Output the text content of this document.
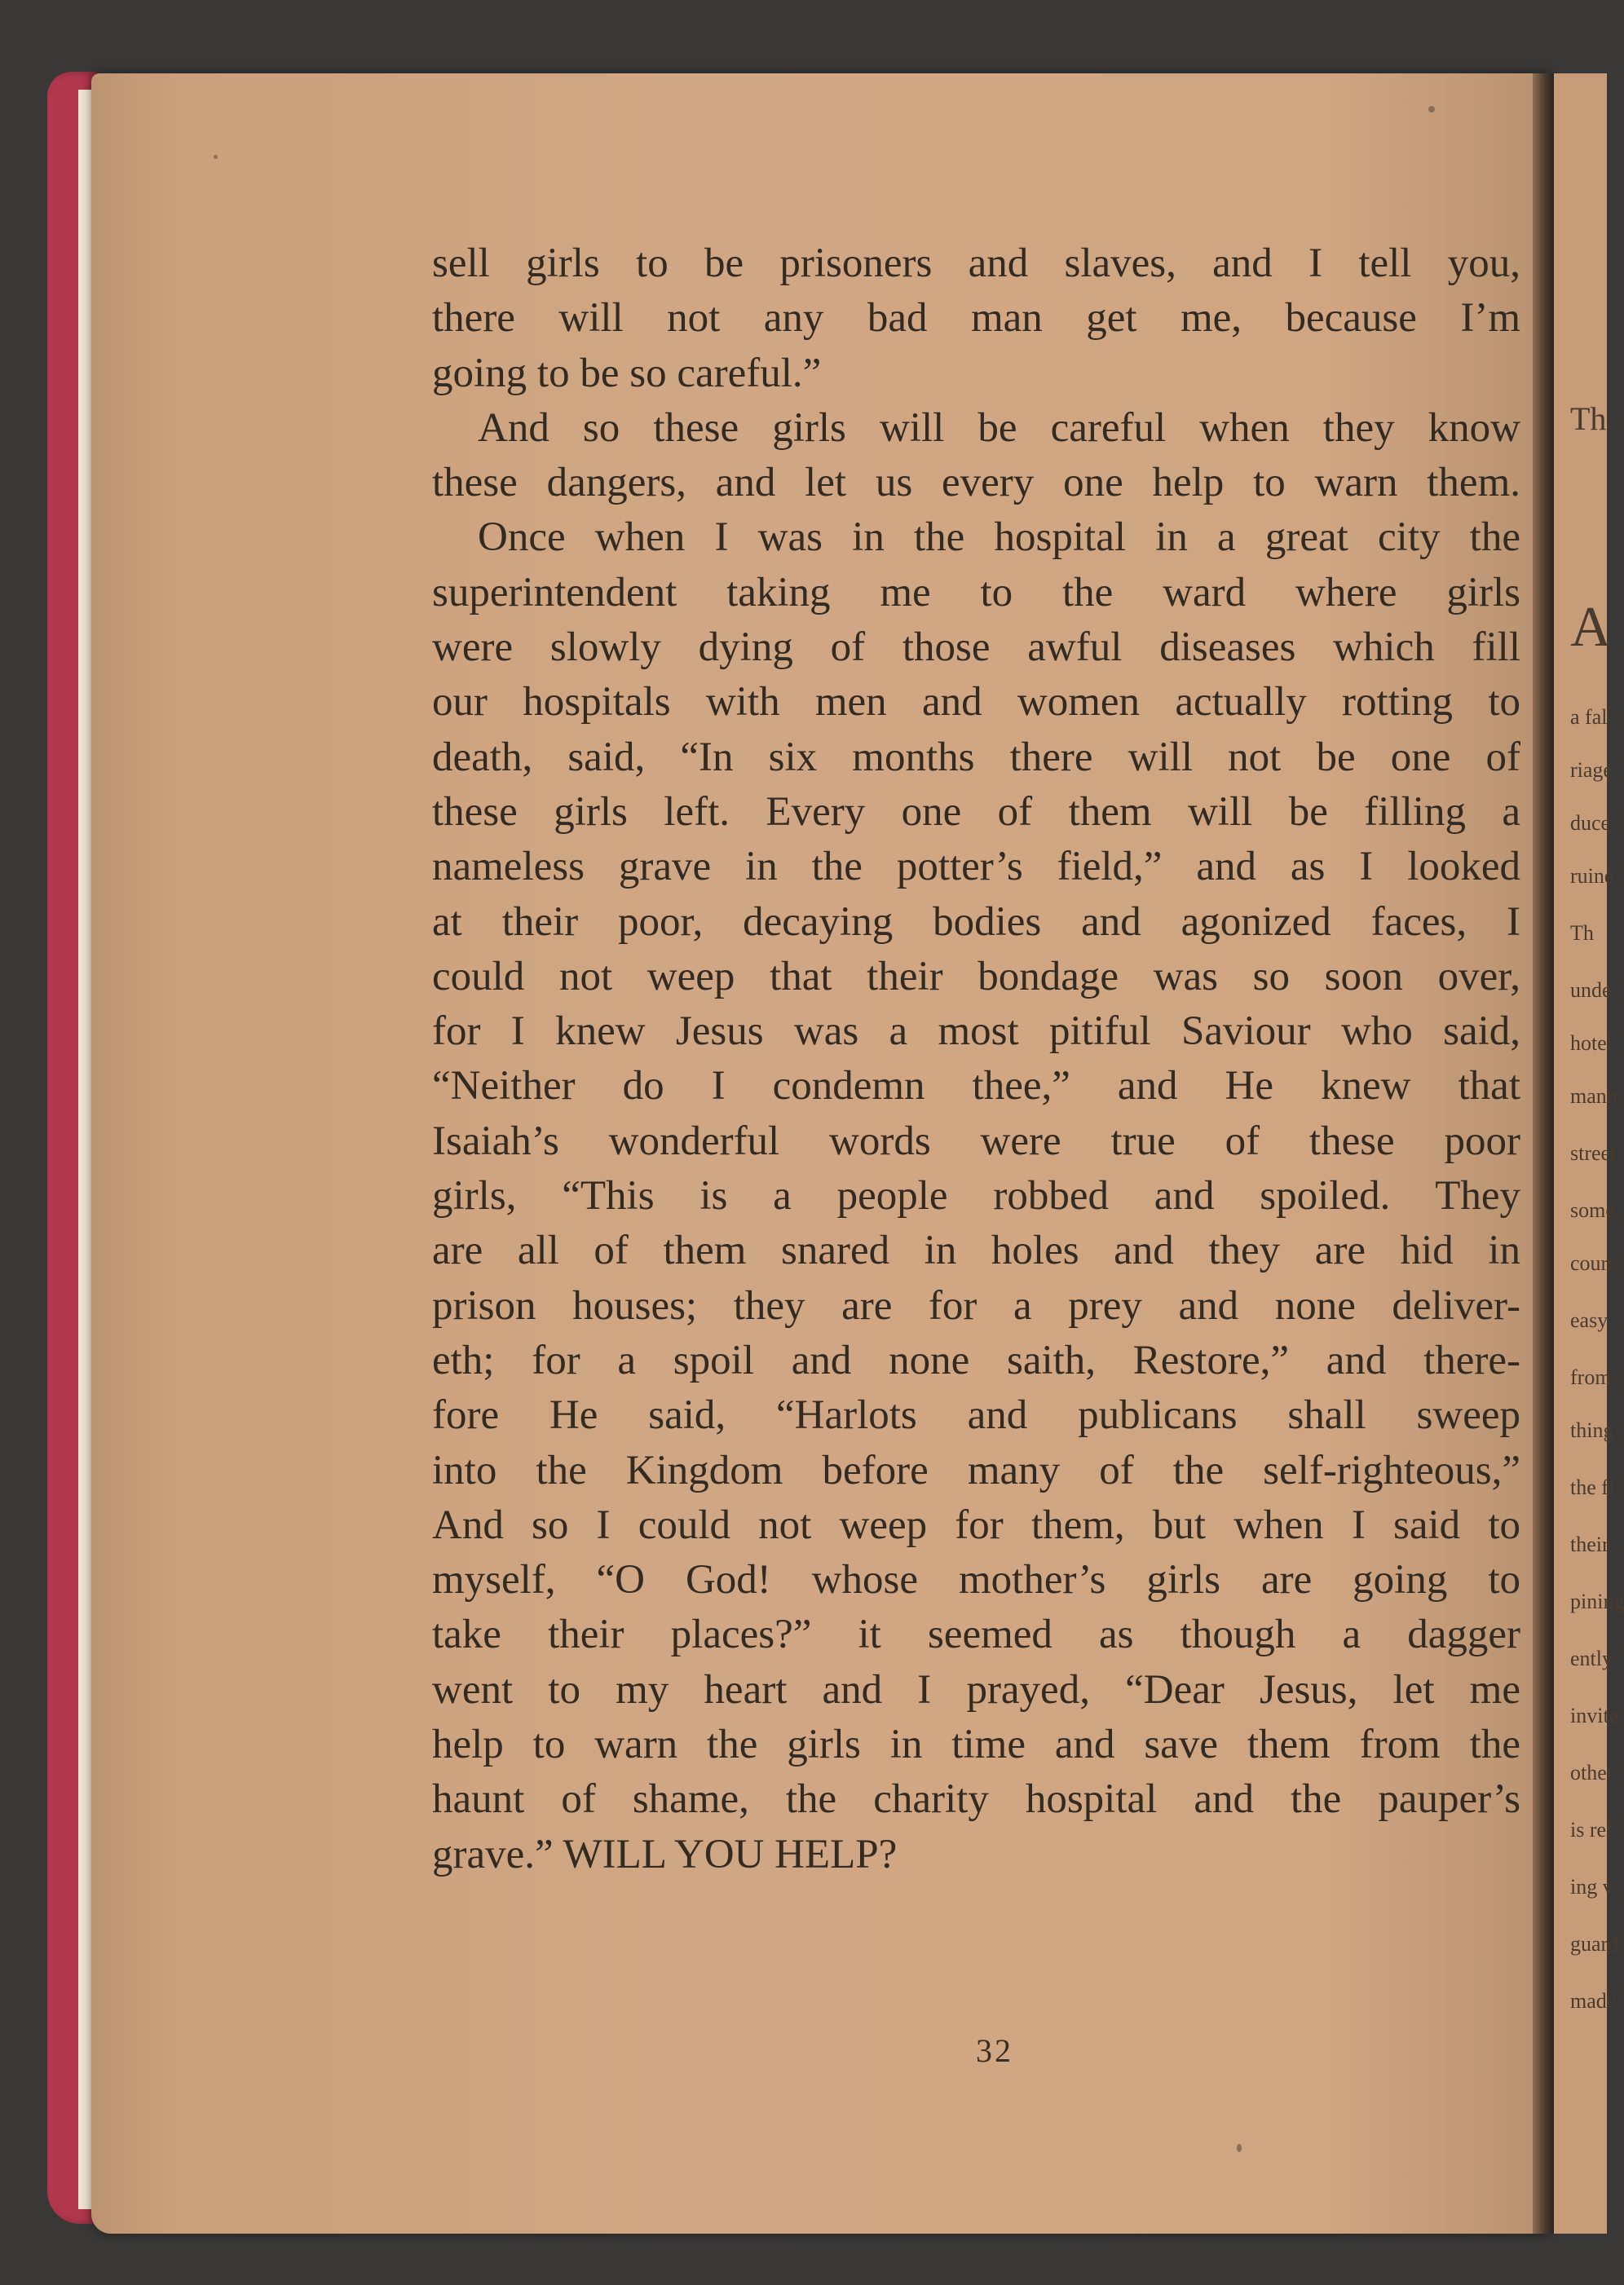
Th
A
a fal
riage
duce
ruine
Th
unde
hotel
mann
street
some
court
easy
from
thing
the fi
their
pining
ently
invite
other
is rel
ing v
guard
made
sell girls to be prisoners and slaves, and I tell you,
there will not any bad man get me, because I’m
going to be so careful.”
And so these girls will be careful when they know
these dangers, and let us every one help to warn them.
Once when I was in the hospital in a great city the
superintendent taking me to the ward where girls
were slowly dying of those awful diseases which fill
our hospitals with men and women actually rotting to
death, said, “In six months there will not be one of
these girls left. Every one of them will be filling a
nameless grave in the potter’s field,” and as I looked
at their poor, decaying bodies and agonized faces, I
could not weep that their bondage was so soon over,
for I knew Jesus was a most pitiful Saviour who said,
“Neither do I condemn thee,” and He knew that
Isaiah’s wonderful words were true of these poor
girls, “This is a people robbed and spoiled. They
are all of them snared in holes and they are hid in
prison houses; they are for a prey and none deliver-
eth; for a spoil and none saith, Restore,” and there-
fore He said, “Harlots and publicans shall sweep
into the Kingdom before many of the self-righteous,”
And so I could not weep for them, but when I said to
myself, “O God! whose mother’s girls are going to
take their places?” it seemed as though a dagger
went to my heart and I prayed, “Dear Jesus, let me
help to warn the girls in time and save them from the
haunt of shame, the charity hospital and the pauper’s
grave.” WILL YOU HELP?
32
